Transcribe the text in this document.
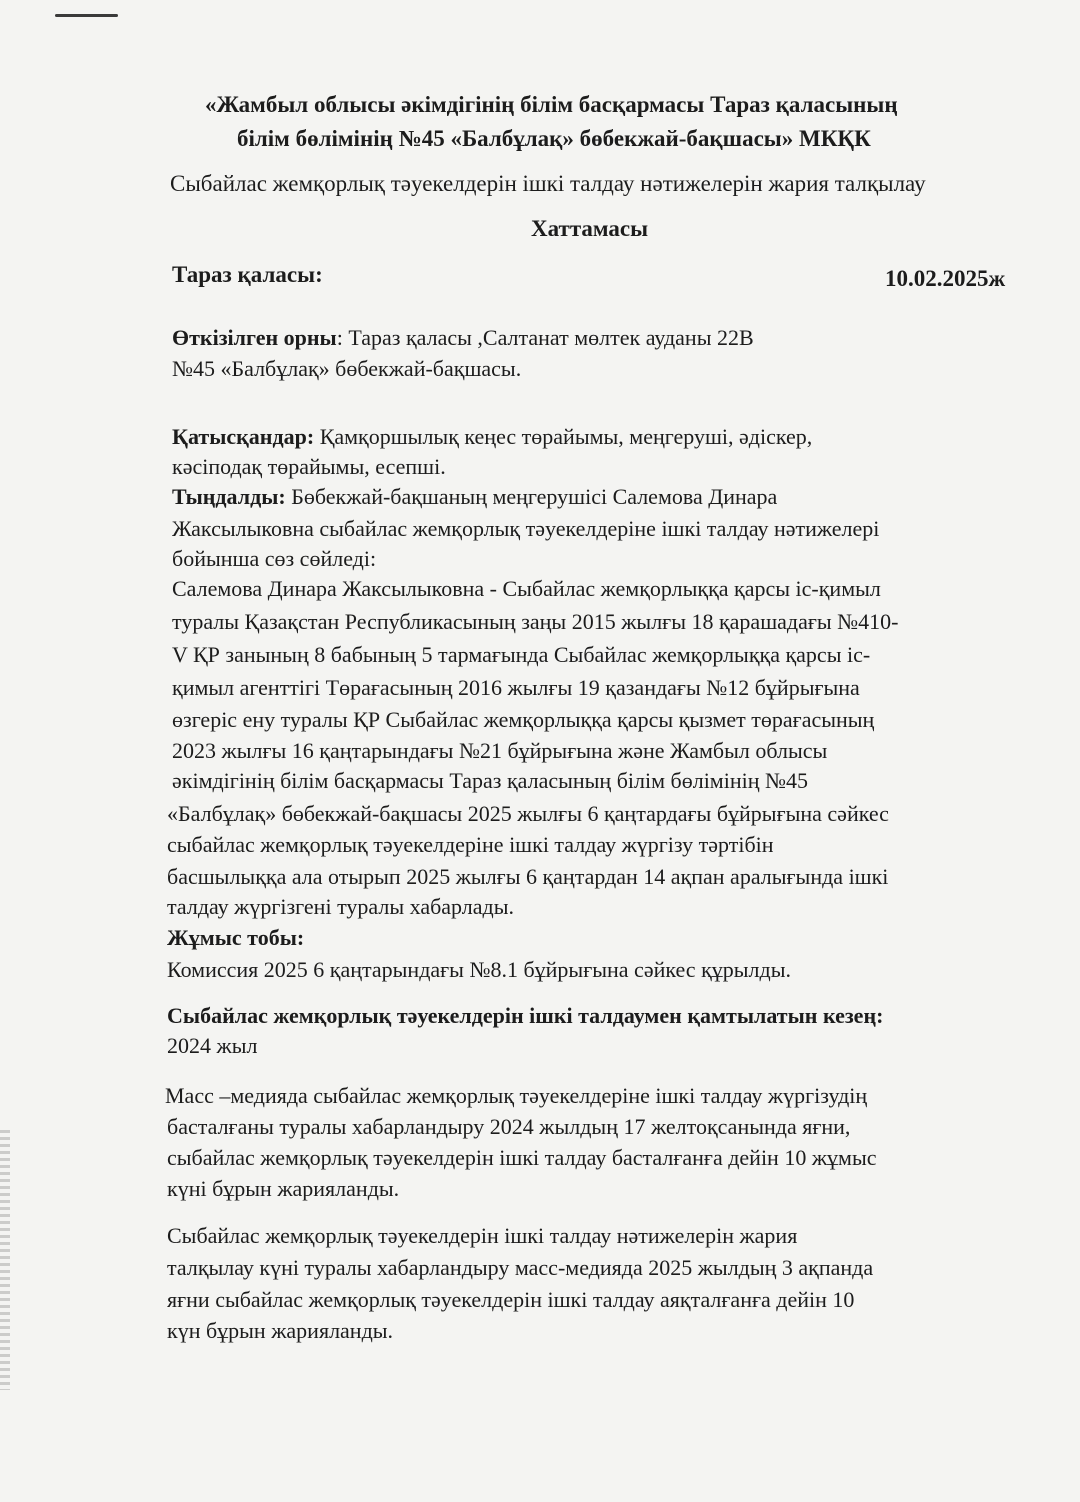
«Жамбыл облысы әкімдігінің білім басқармасы Тараз қаласының
білім бөлімінің №45 «Балбұлақ» бөбекжай-бақшасы» МКҚК
Сыбайлас жемқорлық тәуекелдерін ішкі талдау нәтижелерін жария талқылау
Хаттамасы
Тараз қаласы:	10.02.2025ж
Өткізілген орны: Тараз қаласы ,Салтанат мөлтек ауданы 22В
№45 «Балбұлақ» бөбекжай-бақшасы.
Қатысқандар: Қамқоршылық кеңес төрайымы, меңгеруші, әдіскер,
кәсіподақ төрайымы, есепші.
Тыңдалды: Бөбекжай-бақшаның меңгерушісі Салемова Динара
Жаксылыковна сыбайлас жемқорлық тәуекелдеріне ішкі талдау нәтижелері
бойынша сөз сөйледі:
Салемова Динара Жаксылыковна - Сыбайлас жемқорлыққа қарсы іс-қимыл
туралы Қазақстан Республикасының заңы 2015 жылғы 18 қарашадағы №410-
V ҚР занының 8 бабының 5 тармағында Сыбайлас жемқорлыққа қарсы іс-
қимыл агенттігі Төрағасының 2016 жылғы 19 қазандағы №12 бұйрығына
өзгеріс ену туралы ҚР Сыбайлас жемқорлыққа қарсы қызмет төрағасының
2023 жылғы 16 қаңтарындағы №21 бұйрығына және Жамбыл облысы
әкімдігінің білім басқармасы Тараз қаласының білім бөлімінің №45
«Балбұлақ» бөбекжай-бақшасы 2025 жылғы 6 қаңтардағы бұйрығына сәйкес
сыбайлас жемқорлық тәуекелдеріне ішкі талдау жүргізу тәртібін
басшылыққа ала отырып 2025 жылғы 6 қаңтардан 14 ақпан аралығында ішкі
талдау жүргізгені туралы хабарлады.
Жұмыс тобы:
Комиссия 2025 6 қаңтарындағы №8.1 бұйрығына сәйкес құрылды.
Сыбайлас жемқорлық тәуекелдерін ішкі талдаумен қамтылатын кезең:
2024 жыл
Масс –медияда сыбайлас жемқорлық тәуекелдеріне ішкі талдау жүргізудің
басталғаны туралы хабарландыру 2024 жылдың 17 желтоқсанында яғни,
сыбайлас жемқорлық тәуекелдерін ішкі талдау басталғанға дейін 10 жұмыс
күні бұрын жарияланды.
Сыбайлас жемқорлық тәуекелдерін ішкі талдау нәтижелерін жария
талқылау күні туралы хабарландыру масс-медияда 2025 жылдың 3 ақпанда
яғни сыбайлас жемқорлық тәуекелдерін ішкі талдау аяқталғанға дейін 10
күн бұрын жарияланды.
